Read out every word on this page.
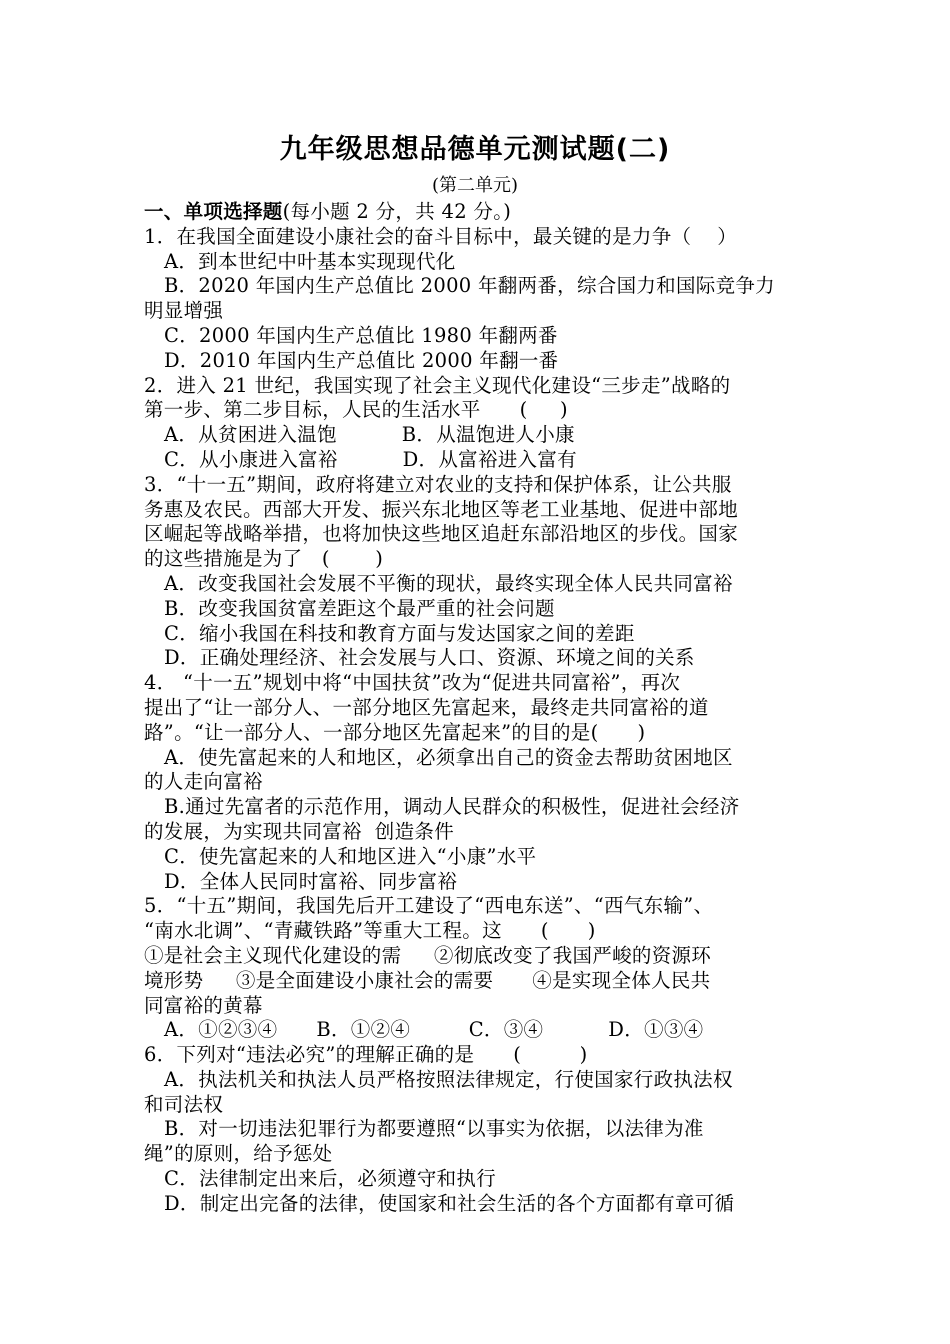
九年级思想品德单元测试题(二)
(第二单元)
一、单项选择题(每小题 2 分，共 42 分。)
1．在我国全面建设小康社会的奋斗目标中，最关键的是力争（    ）
A．到本世纪中叶基本实现现代化
B．2020 年国内生产总值比 2000 年翻两番，综合国力和国际竞争力
明显增强
C．2000 年国内生产总值比 1980 年翻两番
D．2010 年国内生产总值比 2000 年翻一番
2．进入 21 世纪，我国实现了社会主义现代化建设“三步走”战略的
第一步、第二步目标，人民的生活水平      (     )
A．从贫困进入温饱          B．从温饱进人小康
C．从小康进入富裕          D．从富裕进入富有
3．“十一五”期间，政府将建立对农业的支持和保护体系，让公共服
务惠及农民。西部大开发、振兴东北地区等老工业基地、促进中部地
区崛起等战略举措，也将加快这些地区追赶东部沿地区的步伐。国家
的这些措施是为了   (       )
A．改变我国社会发展不平衡的现状，最终实现全体人民共同富裕
B．改变我国贫富差距这个最严重的社会问题
C．缩小我国在科技和教育方面与发达国家之间的差距
D．正确处理经济、社会发展与人口、资源、环境之间的关系
4． “十一五”规划中将“中国扶贫”改为“促进共同富裕”，再次
提出了“让一部分人、一部分地区先富起来，最终走共同富裕的道
路”。“让一部分人、一部分地区先富起来”的目的是(      )
A．使先富起来的人和地区，必须拿出自己的资金去帮助贫困地区
的人走向富裕
B.通过先富者的示范作用，调动人民群众的积极性，促进社会经济
的发展，为实现共同富裕  创造条件
C．使先富起来的人和地区进入“小康”水平
D．全体人民同时富裕、同步富裕
5．“十五”期间，我国先后开工建设了“西电东送”、“西气东输”、
“南水北调”、“青藏铁路”等重大工程。这      (      )
①是社会主义现代化建设的需     ②彻底改变了我国严峻的资源环
境形势     ③是全面建设小康社会的需要      ④是实现全体人民共
同富裕的黄幕
A．①②③④      B．①②④         C．③④          D．①③④
6．下列对“违法必究”的理解正确的是      (         )
A．执法机关和执法人员严格按照法律规定，行使国家行政执法权
和司法权
B．对一切违法犯罪行为都要遵照“以事实为依据，以法律为准
绳”的原则，给予惩处
C．法律制定出来后，必须遵守和执行
D．制定出完备的法律，使国家和社会生活的各个方面都有章可循
